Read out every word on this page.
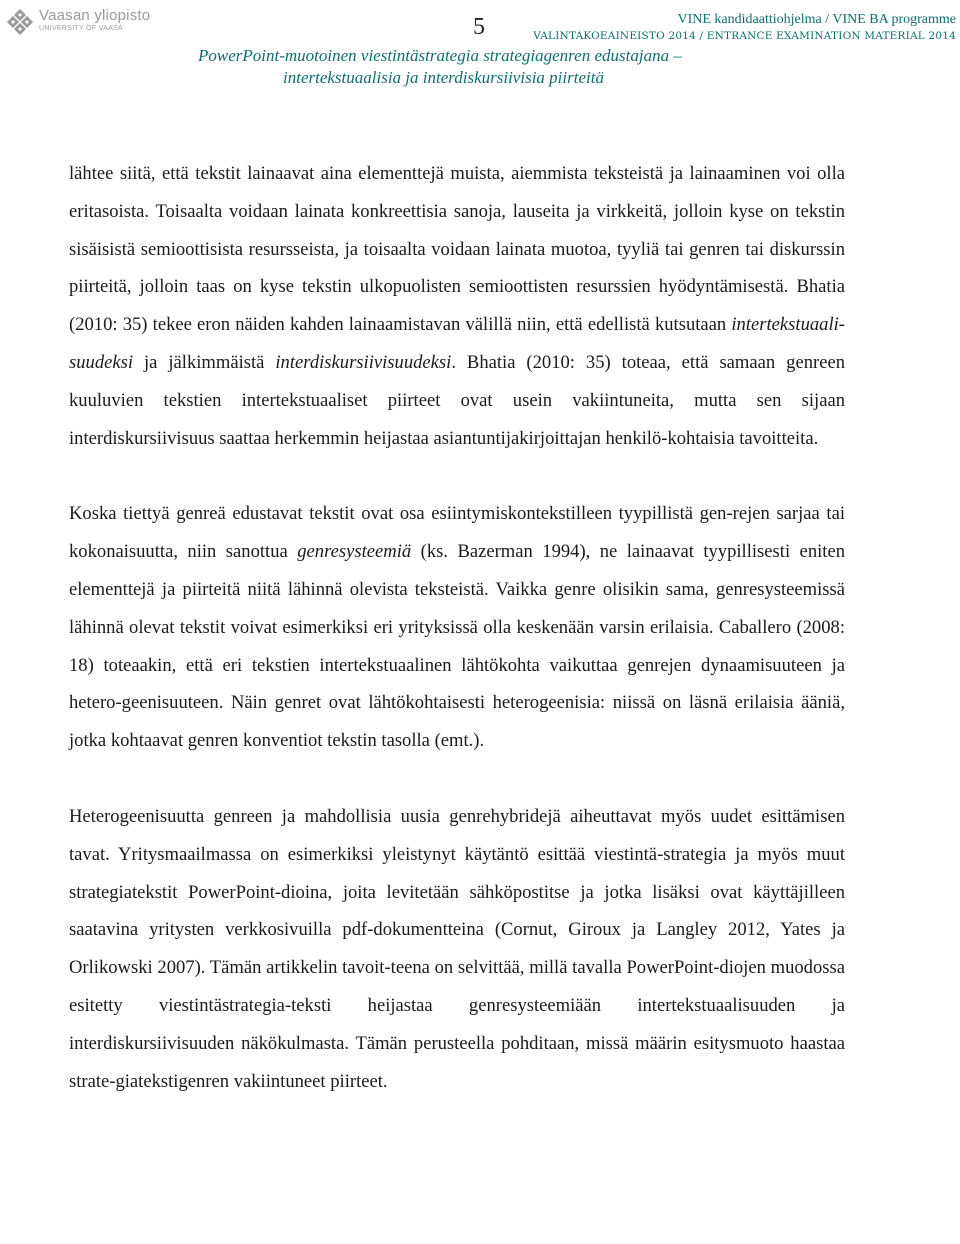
Vaasan yliopisto
UNIVERSITY OF VAASA	5	VINE kandidaattiohjelma / VINE BA programme
VALINTAKOEAINEISTO 2014 / ENTRANCE EXAMINATION MATERIAL 2014
PowerPoint-muotoinen viestintästrategia strategiagenren edustajana –
intertekstuaalisia ja interdiskursiivisia piirteitä

lähtee siitä, että tekstit lainaavat aina elementtejä muista, aiemmista teksteistä ja lainaaminen voi olla eritasoista. Toisaalta voidaan lainata konkreettisia sanoja, lauseita ja virkkeitä, jolloin kyse on tekstin sisäisistä semioottisista resursseista, ja toisaalta voidaan lainata muotoa, tyyliä tai genren tai diskurssin piirteitä, jolloin taas on kyse tekstin ulkopuolisten semioottisten resurssien hyödyntämisestä. Bhatia (2010: 35) tekee eron näiden kahden lainaamistavan välillä niin, että edellistä kutsutaan intertekstuaali-suudeksi ja jälkimmäistä interdiskursiivisuudeksi. Bhatia (2010: 35) toteaa, että samaan genreen kuuluvien tekstien intertekstuaaliset piirteet ovat usein vakiintuneita, mutta sen sijaan interdiskursiivisuus saattaa herkemmin heijastaa asiantuntijakirjoittajan henkilö-kohtaisia tavoitteita.

Koska tiettyä genreä edustavat tekstit ovat osa esiintymiskontekstilleen tyypillistä gen-rejen sarjaa tai kokonaisuutta, niin sanottua genresysteemiä (ks. Bazerman 1994), ne lainaavat tyypillisesti eniten elementtejä ja piirteitä niitä lähinnä olevista teksteistä. Vaikka genre olisikin sama, genresysteemissä lähinnä olevat tekstit voivat esimerkiksi eri yrityksissä olla keskenään varsin erilaisia. Caballero (2008: 18) toteaakin, että eri tekstien intertekstuaalinen lähtökohta vaikuttaa genrejen dynaamisuuteen ja hetero-geenisuuteen. Näin genret ovat lähtökohtaisesti heterogeenisia: niissä on läsnä erilaisia ääniä, jotka kohtaavat genren konventiot tekstin tasolla (emt.).

Heterogeenisuutta genreen ja mahdollisia uusia genrehybridejä aiheuttavat myös uudet esittämisen tavat. Yritysmaailmassa on esimerkiksi yleistynyt käytäntö esittää viestintä-strategia ja myös muut strategiatekstit PowerPoint-dioina, joita levitetään sähköpostitse ja jotka lisäksi ovat käyttäjilleen saatavina yritysten verkkosivuilla pdf-dokumentteina (Cornut, Giroux ja Langley 2012, Yates ja Orlikowski 2007). Tämän artikkelin tavoit-teena on selvittää, millä tavalla PowerPoint-diojen muodossa esitetty viestintästrategia-teksti heijastaa genresysteemiään intertekstuaalisuuden ja interdiskursiivisuuden näkökulmasta. Tämän perusteella pohditaan, missä määrin esitysmuoto haastaa strate-giatekstigenren vakiintuneet piirteet.
